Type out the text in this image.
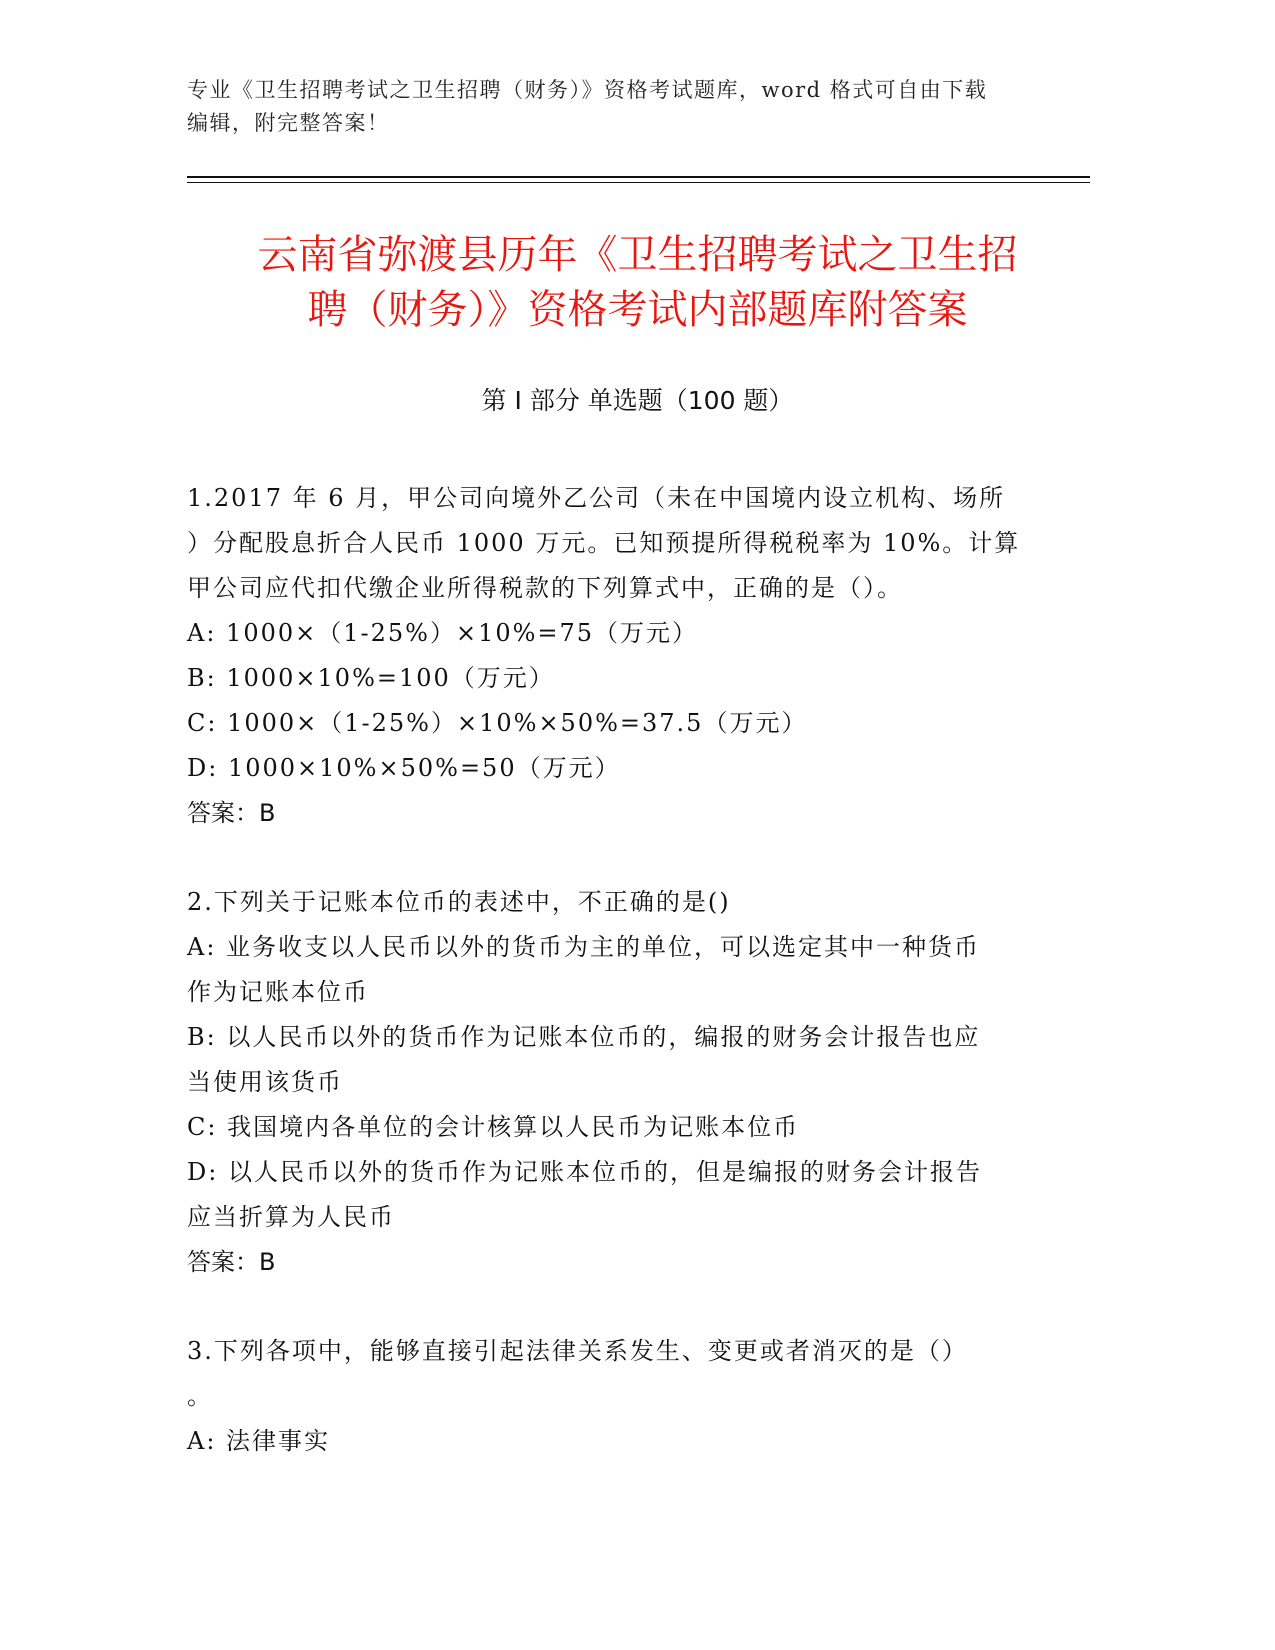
专业《卫生招聘考试之卫生招聘（财务）》资格考试题库，word 格式可自由下载
编辑，附完整答案！
云南省弥渡县历年《卫生招聘考试之卫生招
聘（财务）》资格考试内部题库附答案
第 I 部分 单选题（100 题）
1.2017 年 6 月，甲公司向境外乙公司（未在中国境内设立机构、场所
）分配股息折合人民币 1000 万元。已知预提所得税税率为 10%。计算
甲公司应代扣代缴企业所得税款的下列算式中，正确的是（）。
A: 1000×（1-25%）×10%=75（万元）
B: 1000×10%=100（万元）
C: 1000×（1-25%）×10%×50%=37.5（万元）
D: 1000×10%×50%=50（万元）
答案：B
2.下列关于记账本位币的表述中，不正确的是()
A: 业务收支以人民币以外的货币为主的单位，可以选定其中一种货币
作为记账本位币
B: 以人民币以外的货币作为记账本位币的，编报的财务会计报告也应
当使用该货币
C: 我国境内各单位的会计核算以人民币为记账本位币
D: 以人民币以外的货币作为记账本位币的，但是编报的财务会计报告
应当折算为人民币
答案：B
3.下列各项中，能够直接引起法律关系发生、变更或者消灭的是（）
。
A: 法律事实
